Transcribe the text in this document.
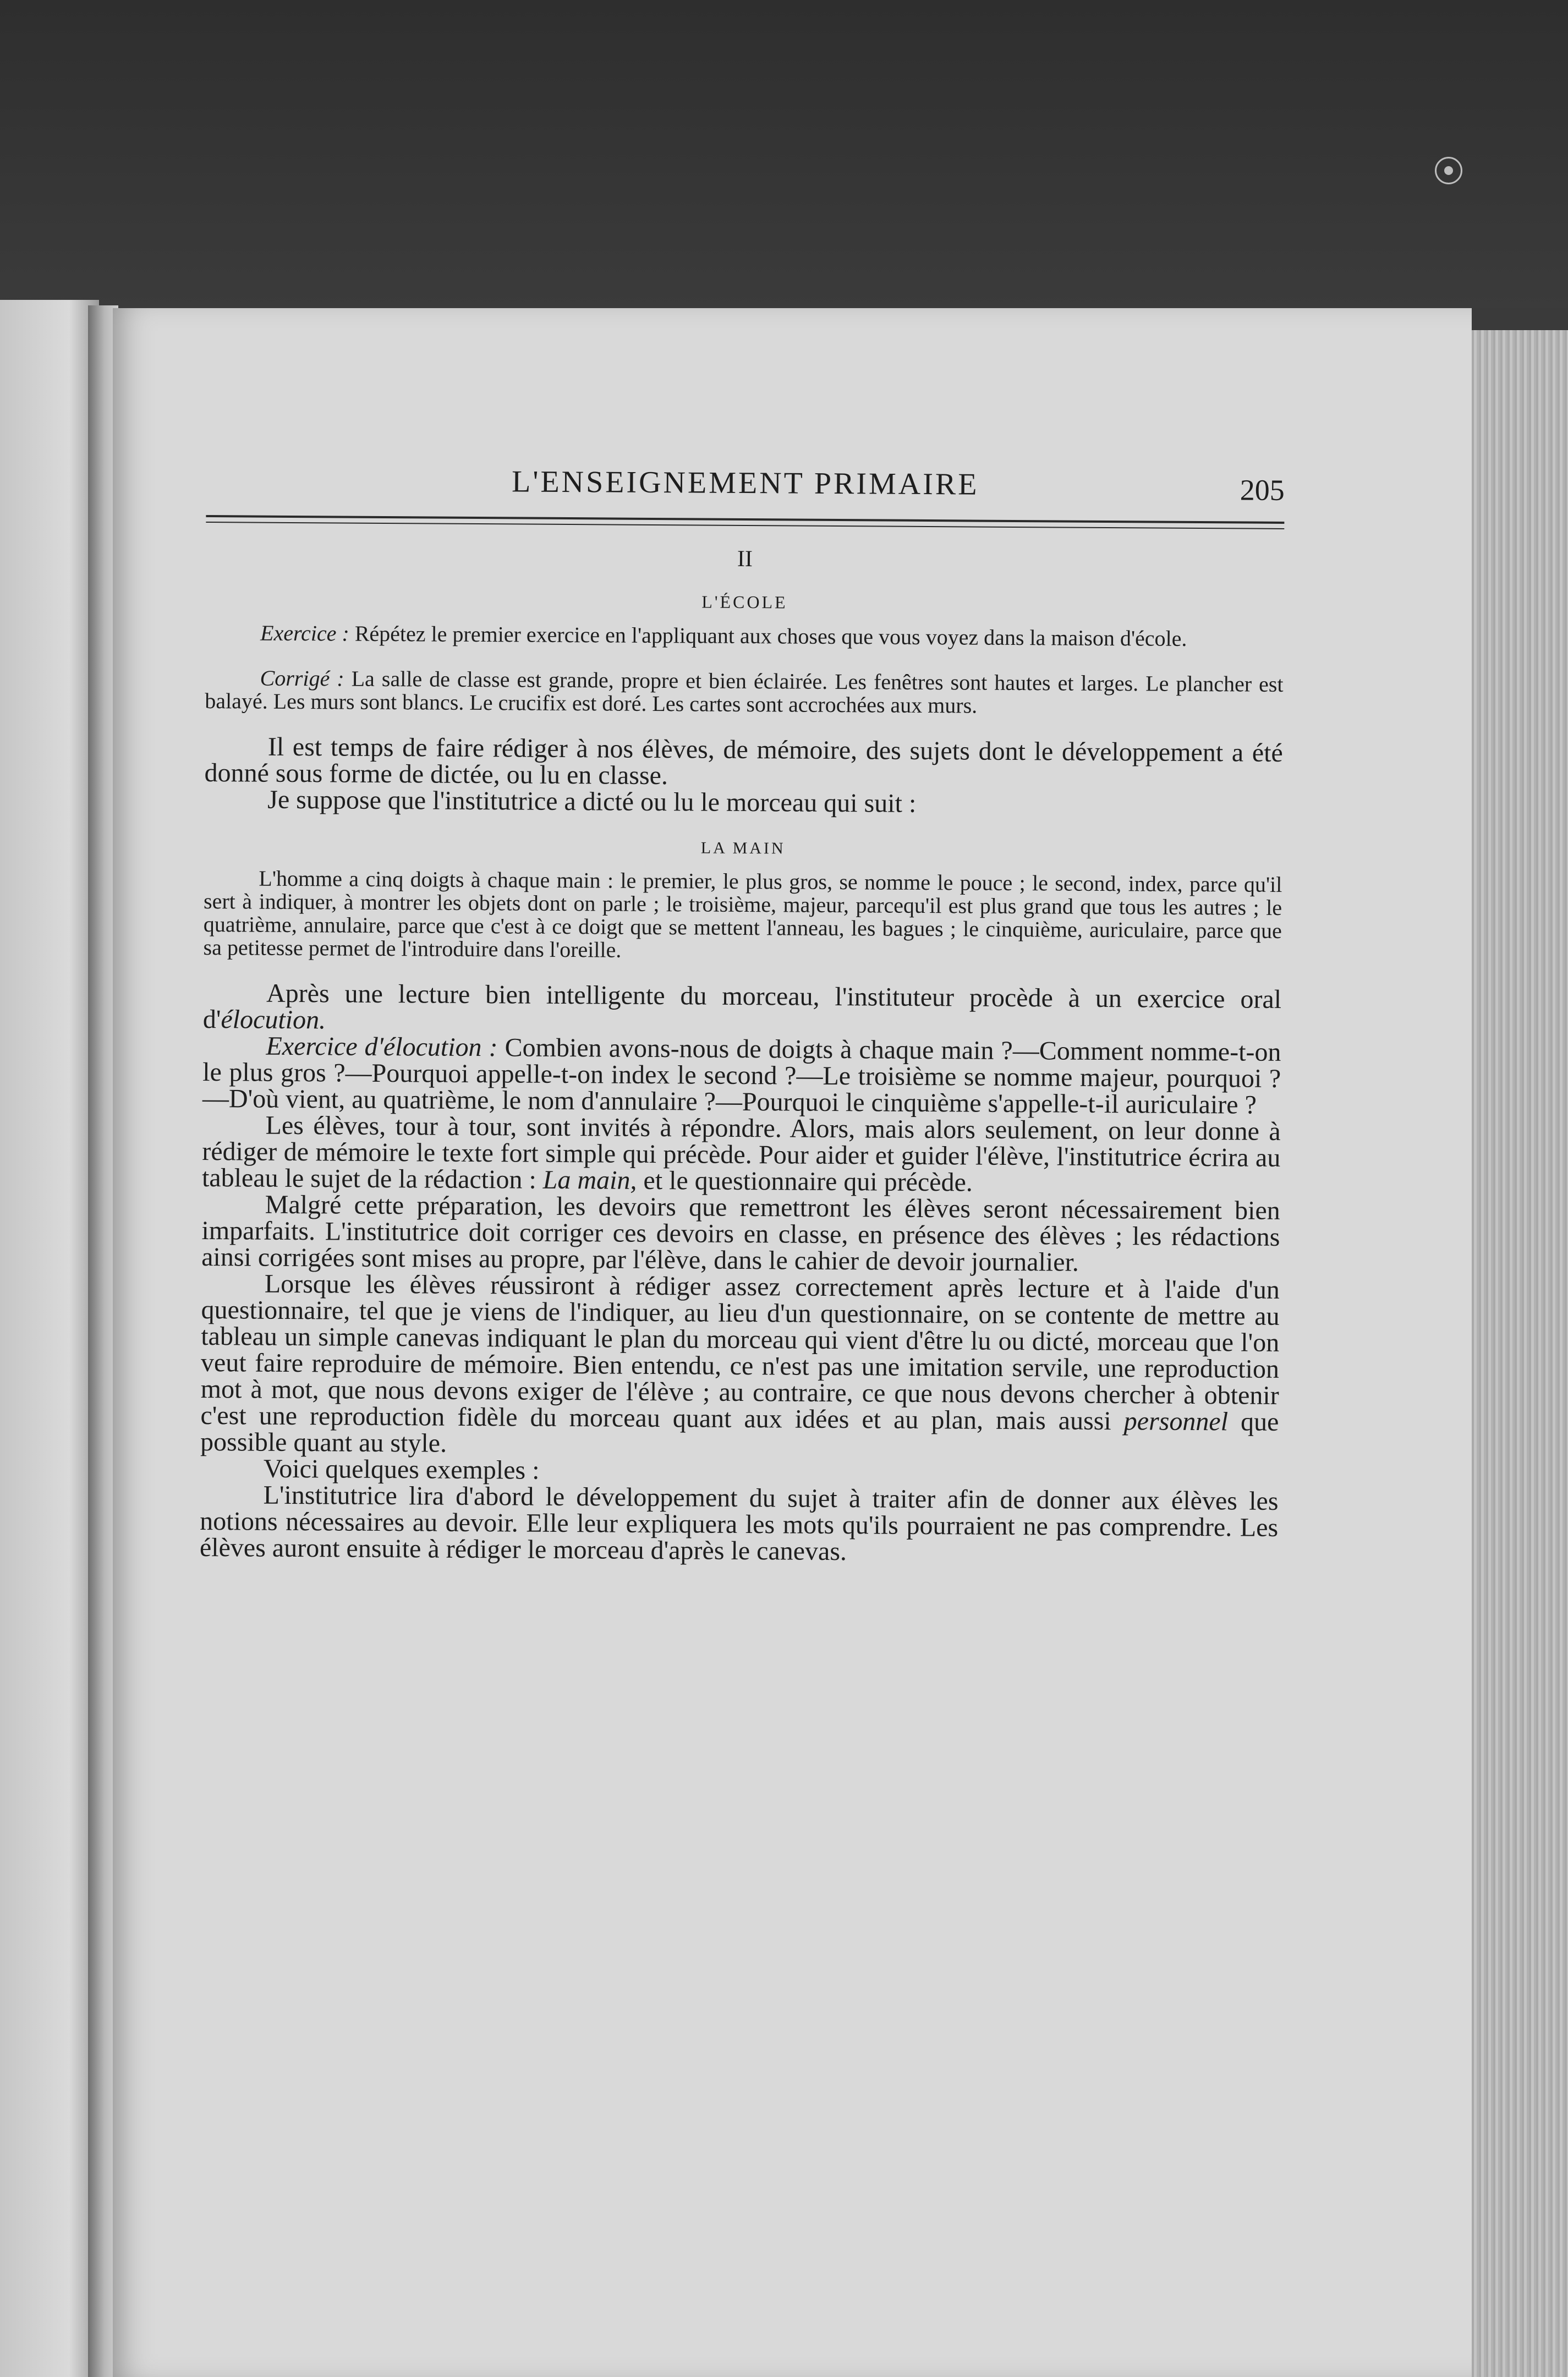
L'ENSEIGNEMENT PRIMAIRE	205
II
L'ÉCOLE

Exercice : Répétez le premier exercice en l'appliquant aux choses que vous voyez dans la maison d'école.

Corrigé : La salle de classe est grande, propre et bien éclairée. Les fenêtres sont hautes et larges. Le plancher est balayé. Les murs sont blancs. Le crucifix est doré. Les cartes sont accrochées aux murs.

Il est temps de faire rédiger à nos élèves, de mémoire, des sujets dont le développement a été donné sous forme de dictée, ou lu en classe.

Je suppose que l'institutrice a dicté ou lu le morceau qui suit :

LA MAIN

L'homme a cinq doigts à chaque main : le premier, le plus gros, se nomme le pouce ; le second, index, parce qu'il sert à indiquer, à montrer les objets dont on parle ; le troisième, majeur, parcequ'il est plus grand que tous les autres ; le quatrième, annulaire, parce que c'est à ce doigt que se mettent l'anneau, les bagues ; le cinquième, auriculaire, parce que sa petitesse permet de l'introduire dans l'oreille.

Après une lecture bien intelligente du morceau, l'instituteur procède à un exercice oral d'élocution.

Exercice d'élocution : Combien avons-nous de doigts à chaque main ?—Comment nomme-t-on le plus gros ?—Pourquoi appelle-t-on index le second ?—Le troisième se nomme majeur, pourquoi ?—D'où vient, au quatrième, le nom d'annulaire ?—Pourquoi le cinquième s'appelle-t-il auriculaire ?

Les élèves, tour à tour, sont invités à répondre. Alors, mais alors seulement, on leur donne à rédiger de mémoire le texte fort simple qui précède. Pour aider et guider l'élève, l'institutrice écrira au tableau le sujet de la rédaction : La main, et le questionnaire qui précède.

Malgré cette préparation, les devoirs que remettront les élèves seront nécessairement bien imparfaits. L'institutrice doit corriger ces devoirs en classe, en présence des élèves ; les rédactions ainsi corrigées sont mises au propre, par l'élève, dans le cahier de devoir journalier.

Lorsque les élèves réussiront à rédiger assez correctement après lecture et à l'aide d'un questionnaire, tel que je viens de l'indiquer, au lieu d'un questionnaire, on se contente de mettre au tableau un simple canevas indiquant le plan du morceau qui vient d'être lu ou dicté, morceau que l'on veut faire reproduire de mémoire. Bien entendu, ce n'est pas une imitation servile, une reproduction mot à mot, que nous devons exiger de l'élève ; au contraire, ce que nous devons chercher à obtenir c'est une reproduction fidèle du morceau quant aux idées et au plan, mais aussi personnel que possible quant au style.

Voici quelques exemples :

L'institutrice lira d'abord le développement du sujet à traiter afin de donner aux élèves les notions nécessaires au devoir. Elle leur expliquera les mots qu'ils pourraient ne pas comprendre. Les élèves auront ensuite à rédiger le morceau d'après le canevas.
